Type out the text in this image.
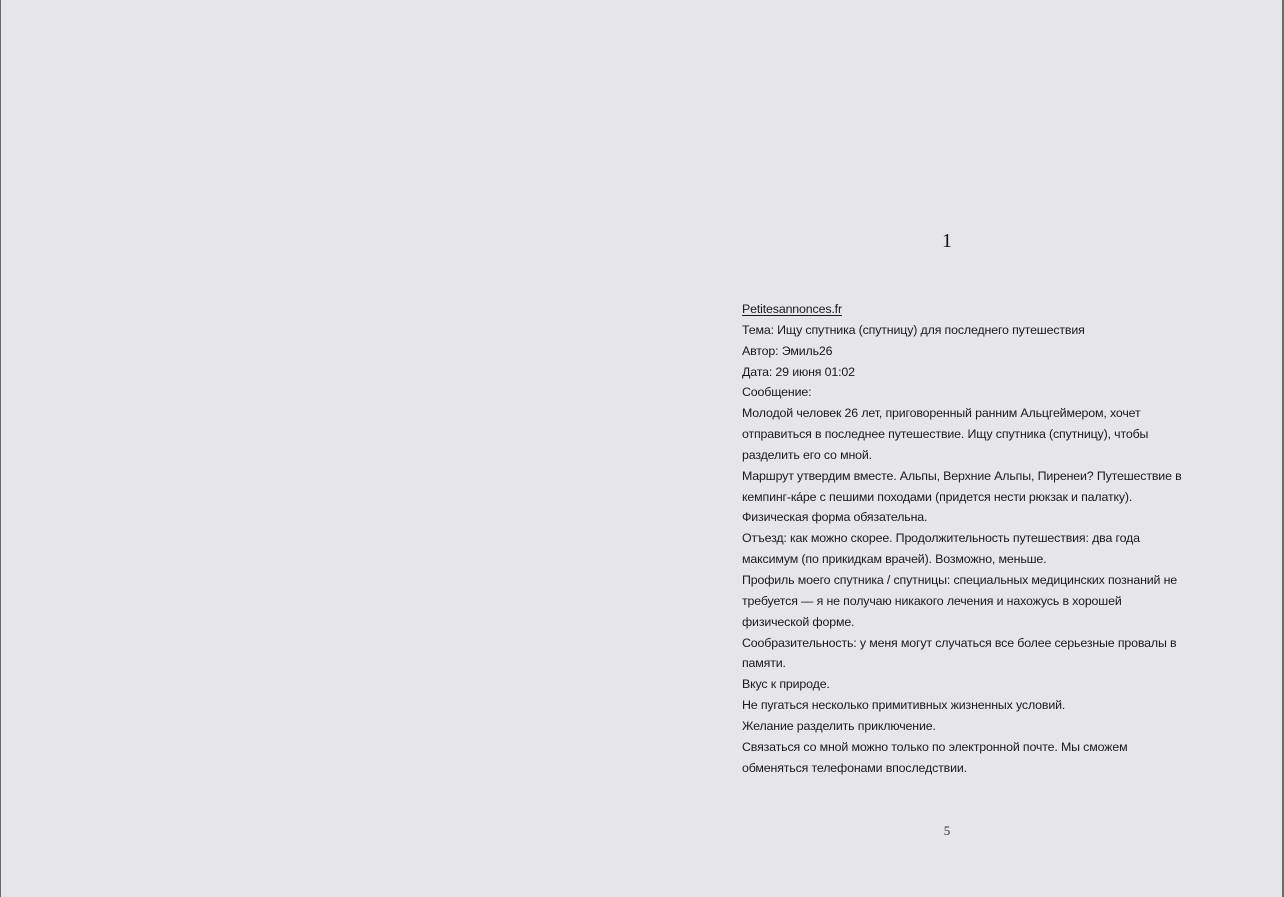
1

Petitesannonces.fr

Тема: Ищу спутника (спутницу) для последнего путешествия

Автор: Эмиль26

Дата: 29 июня 01:02

Сообщение:

Молодой человек 26 лет, приговоренный ранним Альцгеймером, хочет отправиться в последнее путешествие. Ищу спутника (спутницу), чтобы разделить его со мной.

Маршрут утвердим вместе. Альпы, Верхние Альпы, Пиренеи? Путешествие в кемпинг-кáре с пешими походами (придется нести рюкзак и палатку). Физическая форма обязательна.

Отъезд: как можно скорее. Продолжительность путешествия: два года максимум (по прикидкам врачей). Возможно, меньше.

Профиль моего спутника / спутницы: специальных медицинских познаний не требуется — я не получаю никакого лечения и нахожусь в хорошей физической форме.

Сообразительность: у меня могут случаться все более серьезные провалы в памяти.

Вкус к природе.

Не пугаться несколько примитивных жизненных условий.

Желание разделить приключение.

Связаться со мной можно только по электронной почте. Мы сможем обменяться телефонами впоследствии.

5
